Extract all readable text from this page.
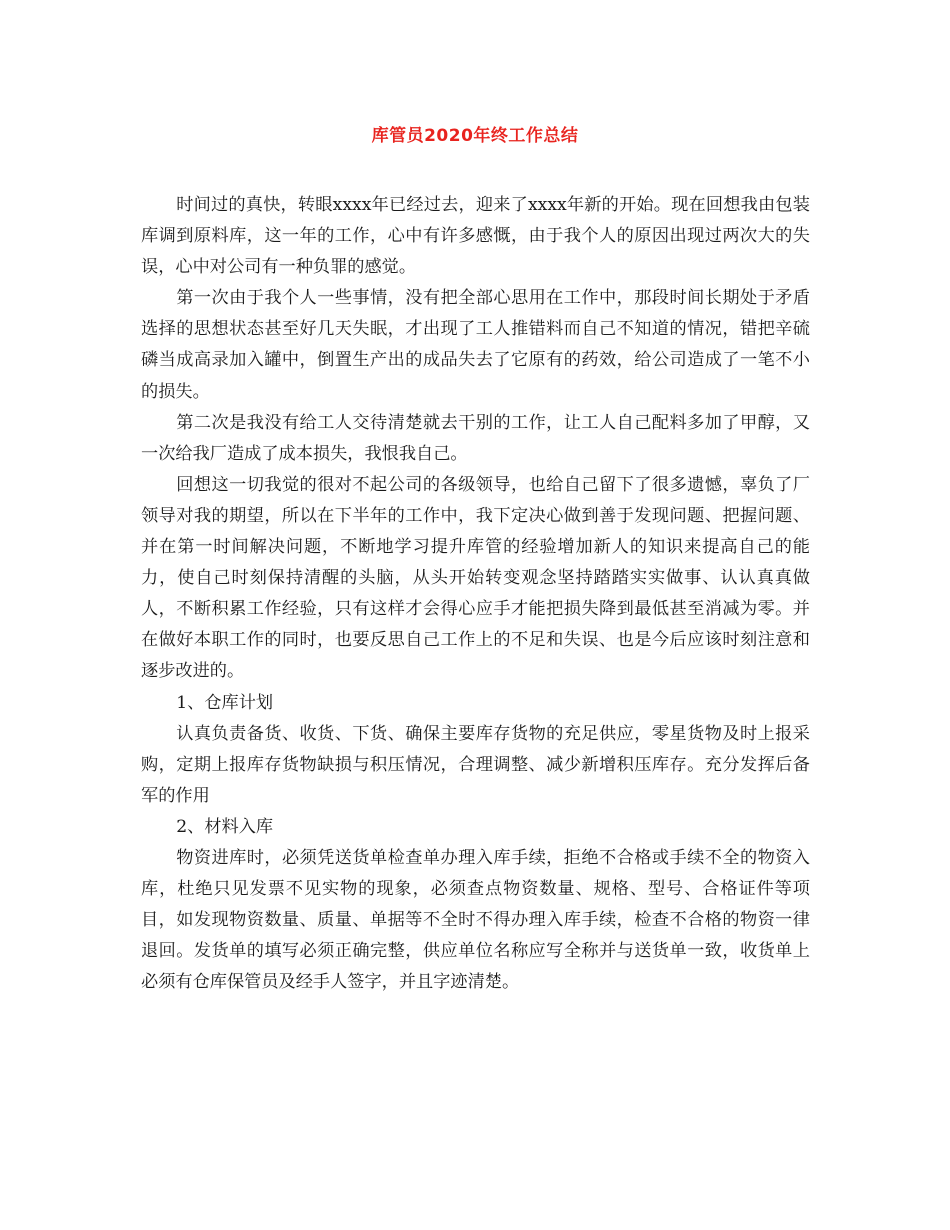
库管员2020年终工作总结

时间过的真快，转眼xxxx年已经过去，迎来了xxxx年新的开始。现在回想我由包装库调到原料库，这一年的工作，心中有许多感慨，由于我个人的原因出现过两次大的失误，心中对公司有一种负罪的感觉。

第一次由于我个人一些事情，没有把全部心思用在工作中，那段时间长期处于矛盾选择的思想状态甚至好几天失眠，才出现了工人推错料而自己不知道的情况，错把辛硫磷当成高录加入罐中，倒置生产出的成品失去了它原有的药效，给公司造成了一笔不小的损失。

第二次是我没有给工人交待清楚就去干别的工作，让工人自己配料多加了甲醇，又一次给我厂造成了成本损失，我恨我自己。

回想这一切我觉的很对不起公司的各级领导，也给自己留下了很多遗憾，辜负了厂领导对我的期望，所以在下半年的工作中，我下定决心做到善于发现问题、把握问题、并在第一时间解决问题，不断地学习提升库管的经验增加新人的知识来提高自己的能力，使自己时刻保持清醒的头脑，从头开始转变观念坚持踏踏实实做事、认认真真做人，不断积累工作经验，只有这样才会得心应手才能把损失降到最低甚至消减为零。并在做好本职工作的同时，也要反思自己工作上的不足和失误、也是今后应该时刻注意和逐步改进的。

1、仓库计划

认真负责备货、收货、下货、确保主要库存货物的充足供应，零星货物及时上报采购，定期上报库存货物缺损与积压情况，合理调整、减少新增积压库存。充分发挥后备军的作用

2、材料入库

物资进库时，必须凭送货单检查单办理入库手续，拒绝不合格或手续不全的物资入库，杜绝只见发票不见实物的现象，必须查点物资数量、规格、型号、合格证件等项目，如发现物资数量、质量、单据等不全时不得办理入库手续，检查不合格的物资一律退回。发货单的填写必须正确完整，供应单位名称应写全称并与送货单一致，收货单上必须有仓库保管员及经手人签字，并且字迹清楚。
